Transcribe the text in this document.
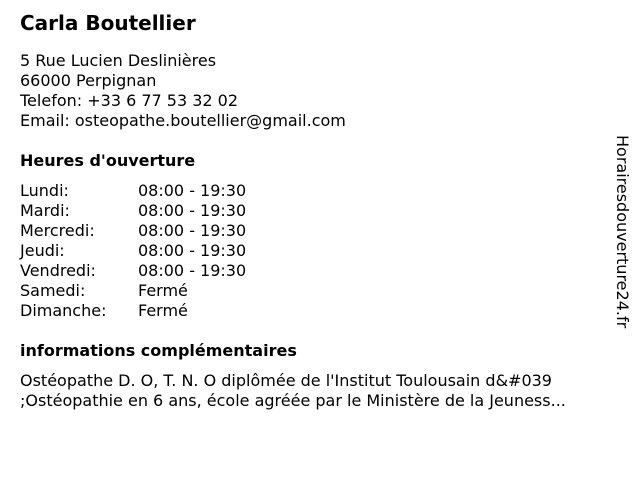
Carla Boutellier
5 Rue Lucien Deslinières
66000 Perpignan
Telefon: +33 6 77 53 32 02
Email: osteopathe.boutellier@gmail.com
Heures d'ouverture
Lundi:	08:00 - 19:30
Mardi:	08:00 - 19:30
Mercredi:	08:00 - 19:30
Jeudi:	08:00 - 19:30
Vendredi:	08:00 - 19:30
Samedi:	Fermé
Dimanche:	Fermé
informations complémentaires
Ostéopathe D. O, T. N. O diplômée de l'Institut Toulousain d&#039
;Ostéopathie en 6 ans, école agréée par le Ministère de la Jeuness...
Horairesdouverture24.fr
